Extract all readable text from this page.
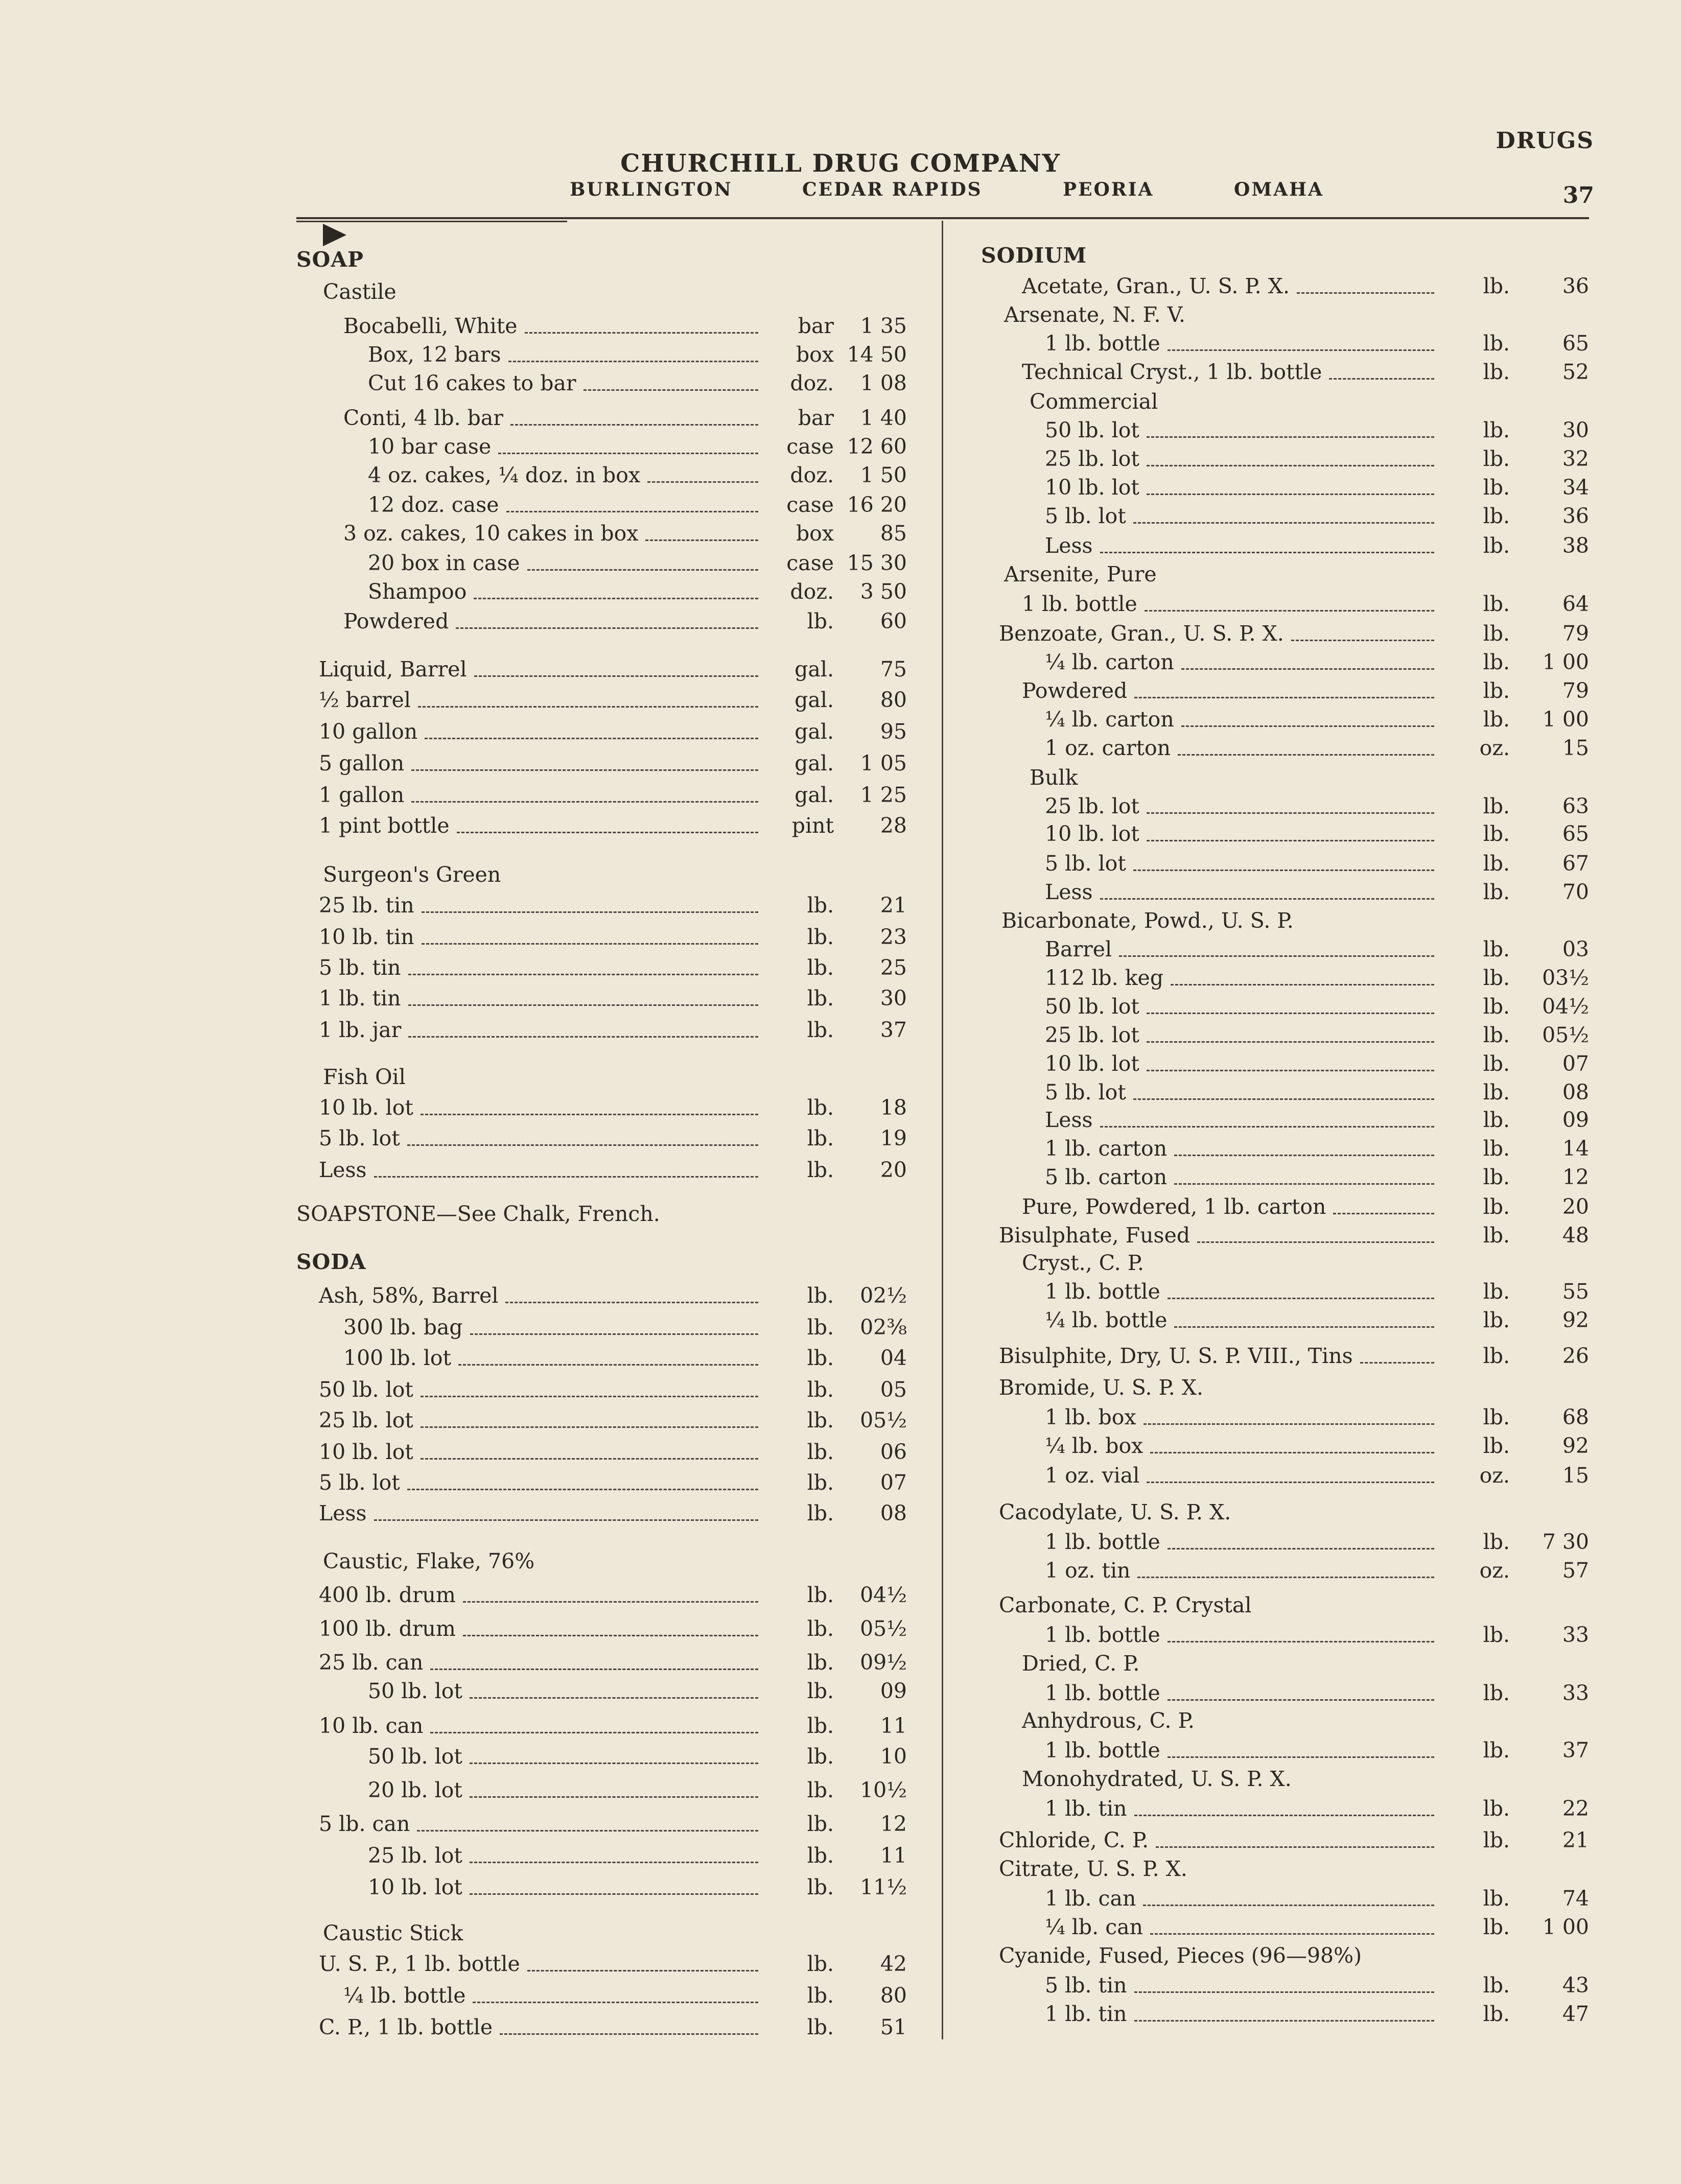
CHURCHILL DRUG COMPANY
DRUGS
37
BURLINGTON	CEDAR RAPIDS	PEORIA	OMAHA
SOAP
Castile
Bocabelli, White	bar	1 35
Box, 12 bars	box 14 50
Cut 16 cakes to bar	doz.	1 08
Conti, 4 lb. bar	bar	1 40
10 bar case	case 12 60
4 oz. cakes, ¼ doz. in box	doz.	1 50
12 doz. case	case 16 20
3 oz. cakes, 10 cakes in box	box	85
20 box in case	case 15 30
Shampoo	doz.	3 50
Powdered	lb.	60
Liquid, Barrel	gal.	75
½ barrel	gal.	80
10 gallon	gal.	95
5 gallon	gal.	1 05
1 gallon	gal.	1 25
1 pint bottle	pint	28
Surgeon's Green
25 lb. tin	lb.	21
10 lb. tin	lb.	23
5 lb. tin	lb.	25
1 lb. tin	lb.	30
1 lb. jar	lb.	37
Fish Oil
10 lb. lot	lb.	18
5 lb. lot	lb.	19
Less	lb.	20
SOAPSTONE—See Chalk, French.
SODA
Ash, 58%, Barrel	lb.	02½
300 lb. bag	lb.	02⅜
100 lb. lot	lb.	04
50 lb. lot	lb.	05
25 lb. lot	lb.	05½
10 lb. lot	lb.	06
5 lb. lot	lb.	07
Less	lb.	08
Caustic, Flake, 76%
400 lb. drum	lb.	04½
100 lb. drum	lb.	05½
25 lb. can	lb.	09½
50 lb. lot	lb.	09
10 lb. can	lb.	11
50 lb. lot	lb.	10
20 lb. lot	lb.	10½
5 lb. can	lb.	12
25 lb. lot	lb.	11
10 lb. lot	lb.	11½
Caustic Stick
U. S. P., 1 lb. bottle	lb.	42
¼ lb. bottle	lb.	80
C. P., 1 lb. bottle	lb.	51
SODIUM
Acetate, Gran., U. S. P. X.	lb.	36
Arsenate, N. F. V.
1 lb. bottle	lb.	65
Technical Cryst., 1 lb. bottle	lb.	52
Commercial
50 lb. lot	lb.	30
25 lb. lot	lb.	32
10 lb. lot	lb.	34
5 lb. lot	lb.	36
Less	lb.	38
Arsenite, Pure
1 lb. bottle	lb.	64
Benzoate, Gran., U. S. P. X.	lb.	79
¼ lb. carton	lb.	1 00
Powdered	lb.	79
¼ lb. carton	lb.	1 00
1 oz. carton	oz.	15
Bulk
25 lb. lot	lb.	63
10 lb. lot	lb.	65
5 lb. lot	lb.	67
Less	lb.	70
Bicarbonate, Powd., U. S. P.
Barrel	lb.	03
112 lb. keg	lb.	03½
50 lb. lot	lb.	04½
25 lb. lot	lb.	05½
10 lb. lot	lb.	07
5 lb. lot	lb.	08
Less	lb.	09
1 lb. carton	lb.	14
5 lb. carton	lb.	12
Pure, Powdered, 1 lb. carton	lb.	20
Bisulphate, Fused	lb.	48
Cryst., C. P.
1 lb. bottle	lb.	55
¼ lb. bottle	lb.	92
Bisulphite, Dry, U. S. P. VIII., Tins	lb.	26
Bromide, U. S. P. X.
1 lb. box	lb.	68
¼ lb. box	lb.	92
1 oz. vial	oz.	15
Cacodylate, U. S. P. X.
1 lb. bottle	lb.	7 30
1 oz. tin	oz.	57
Carbonate, C. P. Crystal
1 lb. bottle	lb.	33
Dried, C. P.
1 lb. bottle	lb.	33
Anhydrous, C. P.
1 lb. bottle	lb.	37
Monohydrated, U. S. P. X.
1 lb. tin	lb.	22
Chloride, C. P.	lb.	21
Citrate, U. S. P. X.
1 lb. can	lb.	74
¼ lb. can	lb.	1 00
Cyanide, Fused, Pieces (96—98%)
5 lb. tin	lb.	43
1 lb. tin	lb.	47
